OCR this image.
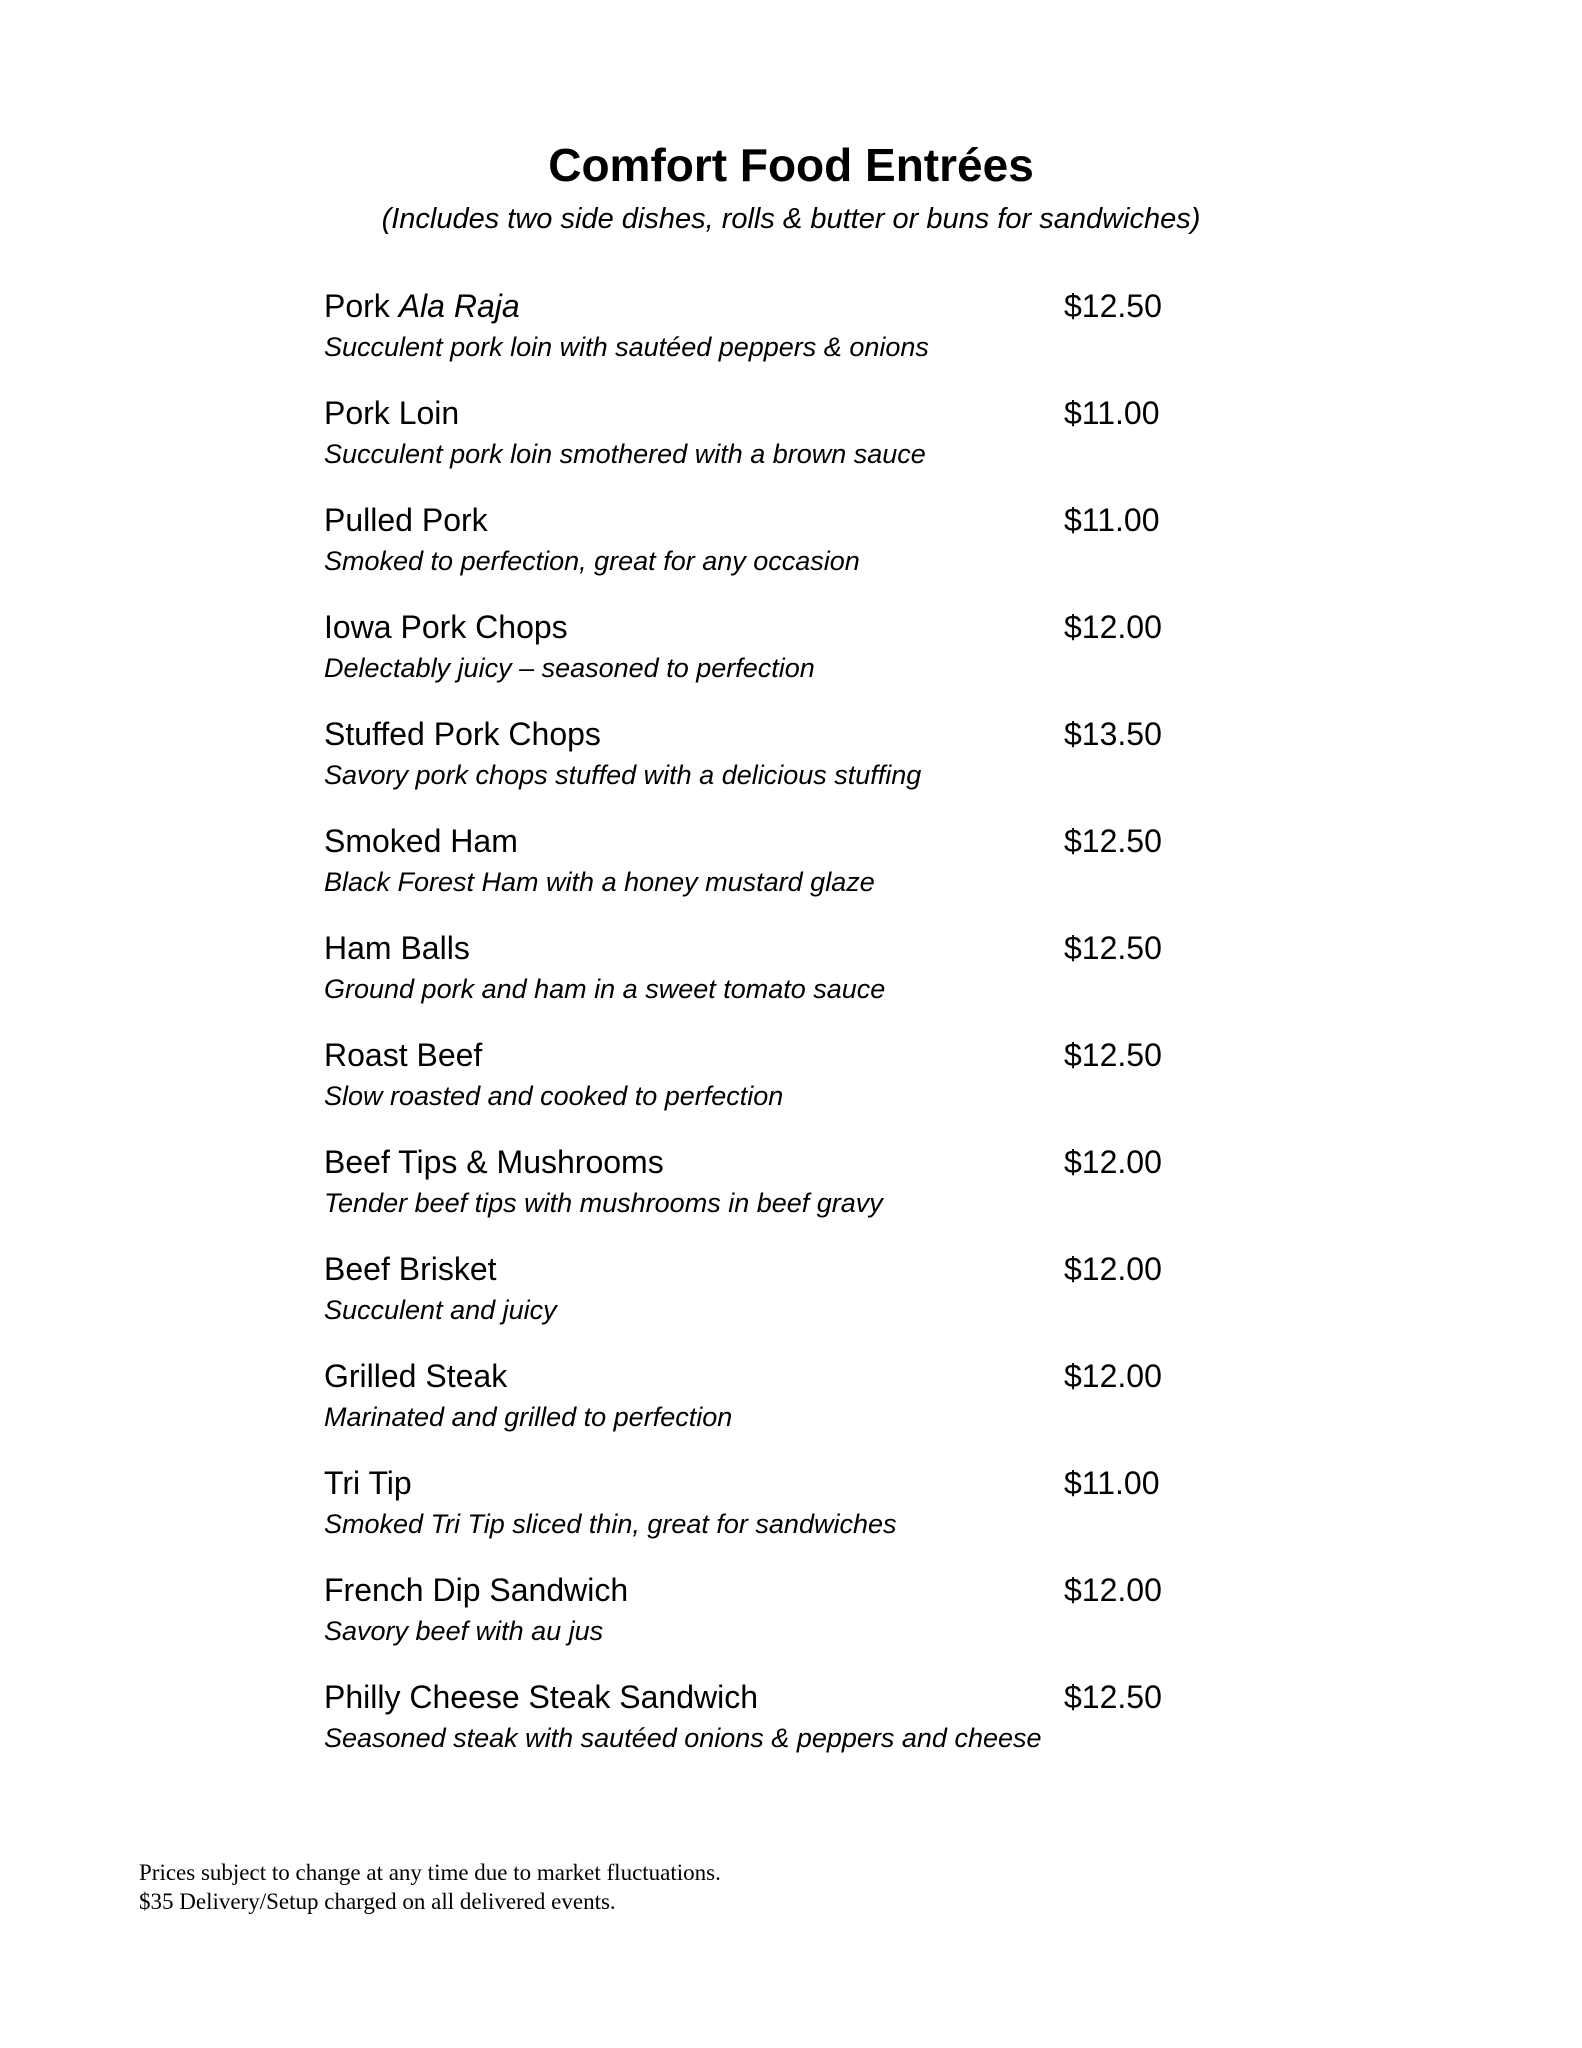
Comfort Food Entrées
(Includes two side dishes, rolls & butter or buns for sandwiches)
Pork Ala Raja	$12.50
Succulent pork loin with sautéed peppers & onions
Pork Loin	$11.00
Succulent pork loin smothered with a brown sauce
Pulled Pork	$11.00
Smoked to perfection, great for any occasion
Iowa Pork Chops	$12.00
Delectably juicy – seasoned to perfection
Stuffed Pork Chops	$13.50
Savory pork chops stuffed with a delicious stuffing
Smoked Ham	$12.50
Black Forest Ham with a honey mustard glaze
Ham Balls	$12.50
Ground pork and ham in a sweet tomato sauce
Roast Beef	$12.50
Slow roasted and cooked to perfection
Beef Tips & Mushrooms	$12.00
Tender beef tips with mushrooms in beef gravy
Beef Brisket	$12.00
Succulent and juicy
Grilled Steak	$12.00
Marinated and grilled to perfection
Tri Tip	$11.00
Smoked Tri Tip sliced thin, great for sandwiches
French Dip Sandwich	$12.00
Savory beef with au jus
Philly Cheese Steak Sandwich	$12.50
Seasoned steak with sautéed onions & peppers and cheese
Prices subject to change at any time due to market fluctuations.
$35 Delivery/Setup charged on all delivered events.
